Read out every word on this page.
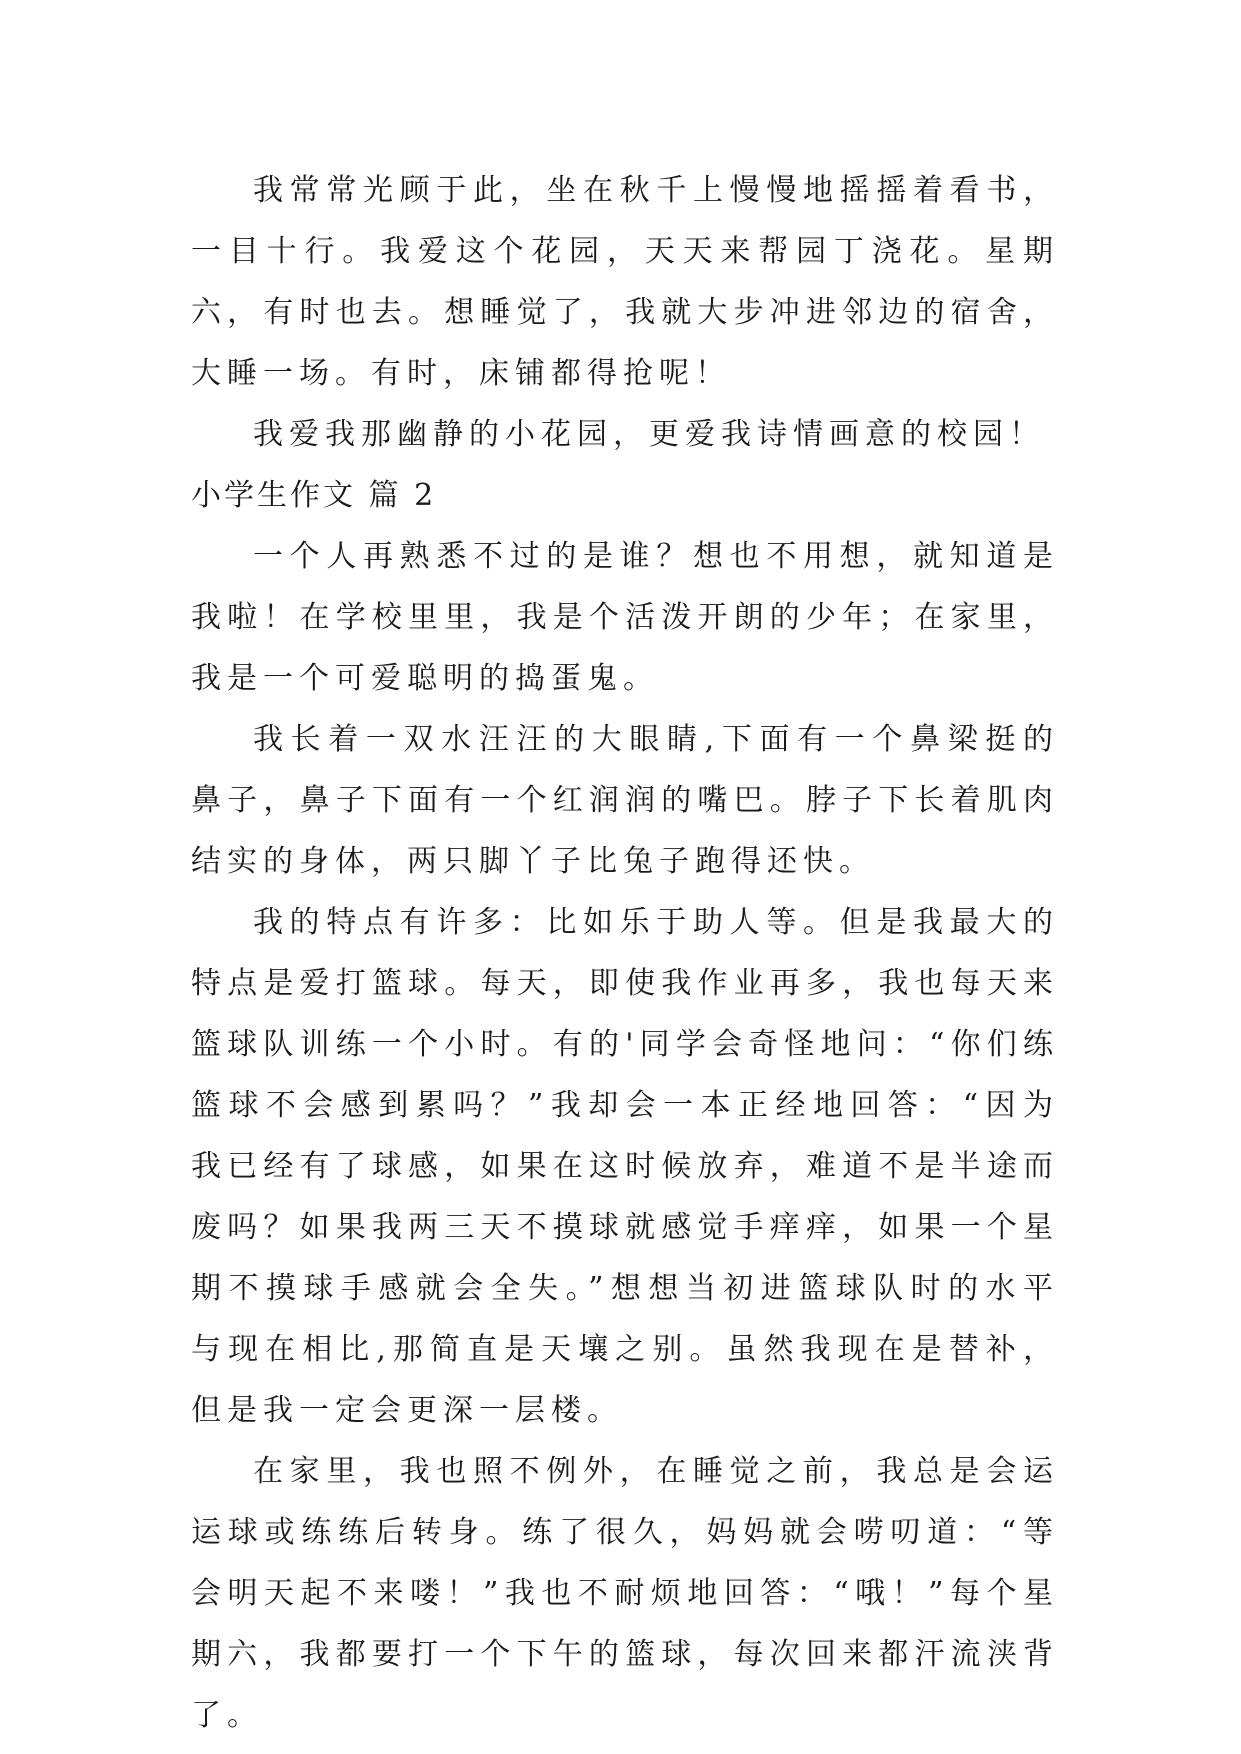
我常常光顾于此，坐在秋千上慢慢地摇摇着看书，一目十行。我爱这个花园，天天来帮园丁浇花。星期六，有时也去。想睡觉了，我就大步冲进邻边的宿舍，大睡一场。有时，床铺都得抢呢！

我爱我那幽静的小花园，更爱我诗情画意的校园！

小学生作文 篇 2

一个人再熟悉不过的是谁？想也不用想，就知道是我啦！在学校里里，我是个活泼开朗的少年；在家里，我是一个可爱聪明的捣蛋鬼。

我长着一双水汪汪的大眼睛,下面有一个鼻梁挺的鼻子，鼻子下面有一个红润润的嘴巴。脖子下长着肌肉结实的身体，两只脚丫子比兔子跑得还快。

我的特点有许多：比如乐于助人等。但是我最大的特点是爱打篮球。每天，即使我作业再多，我也每天来篮球队训练一个小时。有的'同学会奇怪地问：“你们练篮球不会感到累吗？”我却会一本正经地回答：“因为我已经有了球感，如果在这时候放弃，难道不是半途而废吗？如果我两三天不摸球就感觉手痒痒，如果一个星期不摸球手感就会全失。”想想当初进篮球队时的水平与现在相比,那简直是天壤之别。虽然我现在是替补，但是我一定会更深一层楼。

在家里，我也照不例外，在睡觉之前，我总是会运运球或练练后转身。练了很久，妈妈就会唠叨道：“等会明天起不来喽！”我也不耐烦地回答：“哦！”每个星期六，我都要打一个下午的篮球，每次回来都汗流浃背了。
